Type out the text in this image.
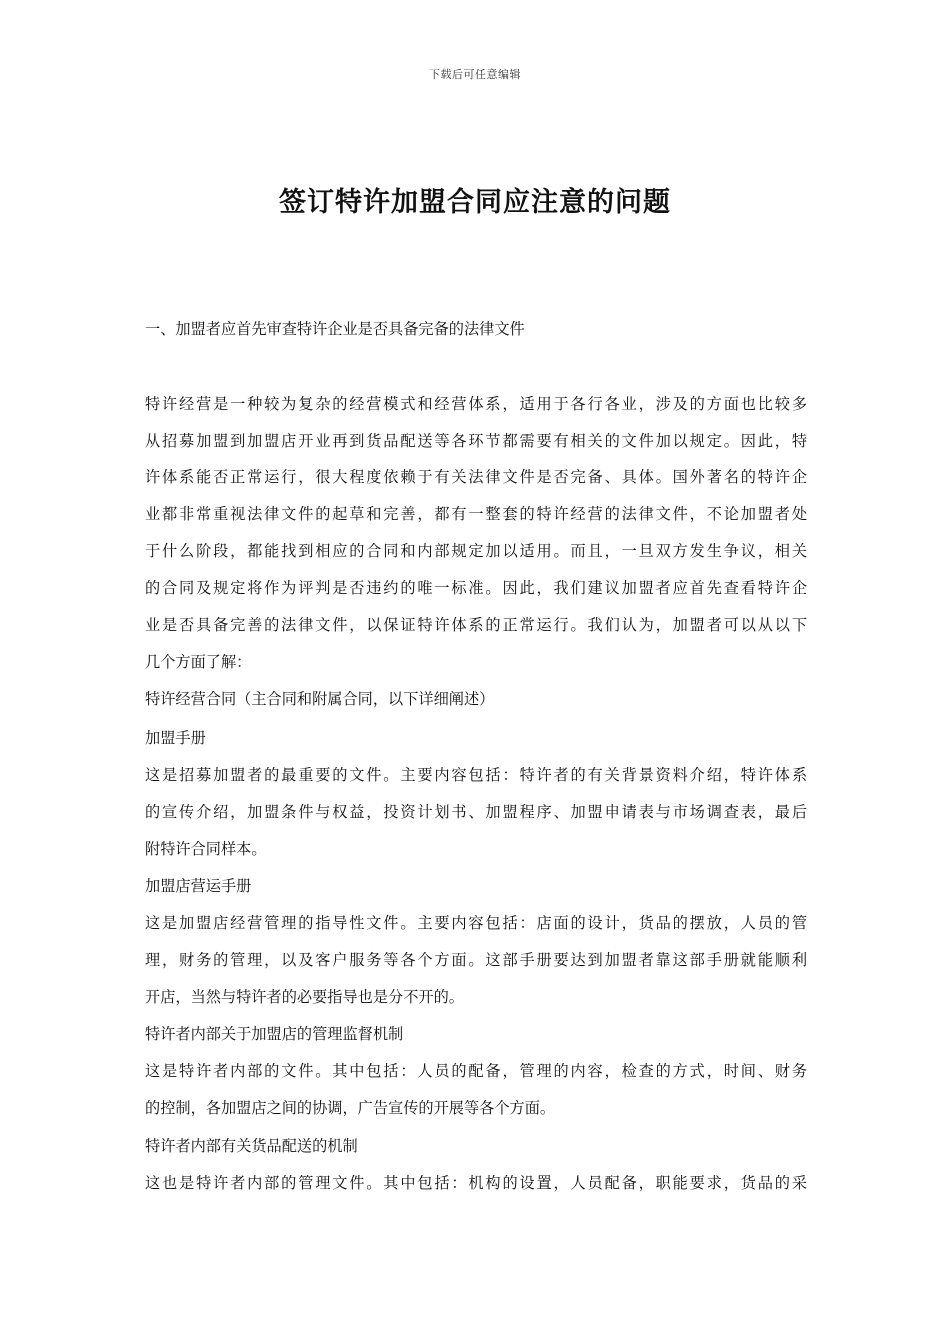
下载后可任意编辑
签订特许加盟合同应注意的问题
一、加盟者应首先审查特许企业是否具备完备的法律文件
特许经营是一种较为复杂的经营模式和经营体系，适用于各行各业，涉及的方面也比较多
从招募加盟到加盟店开业再到货品配送等各环节都需要有相关的文件加以规定。因此，特
许体系能否正常运行，很大程度依赖于有关法律文件是否完备、具体。国外著名的特许企
业都非常重视法律文件的起草和完善，都有一整套的特许经营的法律文件，不论加盟者处
于什么阶段，都能找到相应的合同和内部规定加以适用。而且，一旦双方发生争议，相关
的合同及规定将作为评判是否违约的唯一标准。因此，我们建议加盟者应首先查看特许企
业是否具备完善的法律文件，以保证特许体系的正常运行。我们认为，加盟者可以从以下
几个方面了解：
特许经营合同（主合同和附属合同，以下详细阐述）
加盟手册
这是招募加盟者的最重要的文件。主要内容包括：特许者的有关背景资料介绍，特许体系
的宣传介绍，加盟条件与权益，投资计划书、加盟程序、加盟申请表与市场调查表，最后
附特许合同样本。
加盟店营运手册
这是加盟店经营管理的指导性文件。主要内容包括：店面的设计，货品的摆放，人员的管
理，财务的管理，以及客户服务等各个方面。这部手册要达到加盟者靠这部手册就能顺利
开店，当然与特许者的必要指导也是分不开的。
特许者内部关于加盟店的管理监督机制
这是特许者内部的文件。其中包括：人员的配备，管理的内容，检查的方式，时间、财务
的控制，各加盟店之间的协调，广告宣传的开展等各个方面。
特许者内部有关货品配送的机制
这也是特许者内部的管理文件。其中包括：机构的设置，人员配备，职能要求，货品的采
